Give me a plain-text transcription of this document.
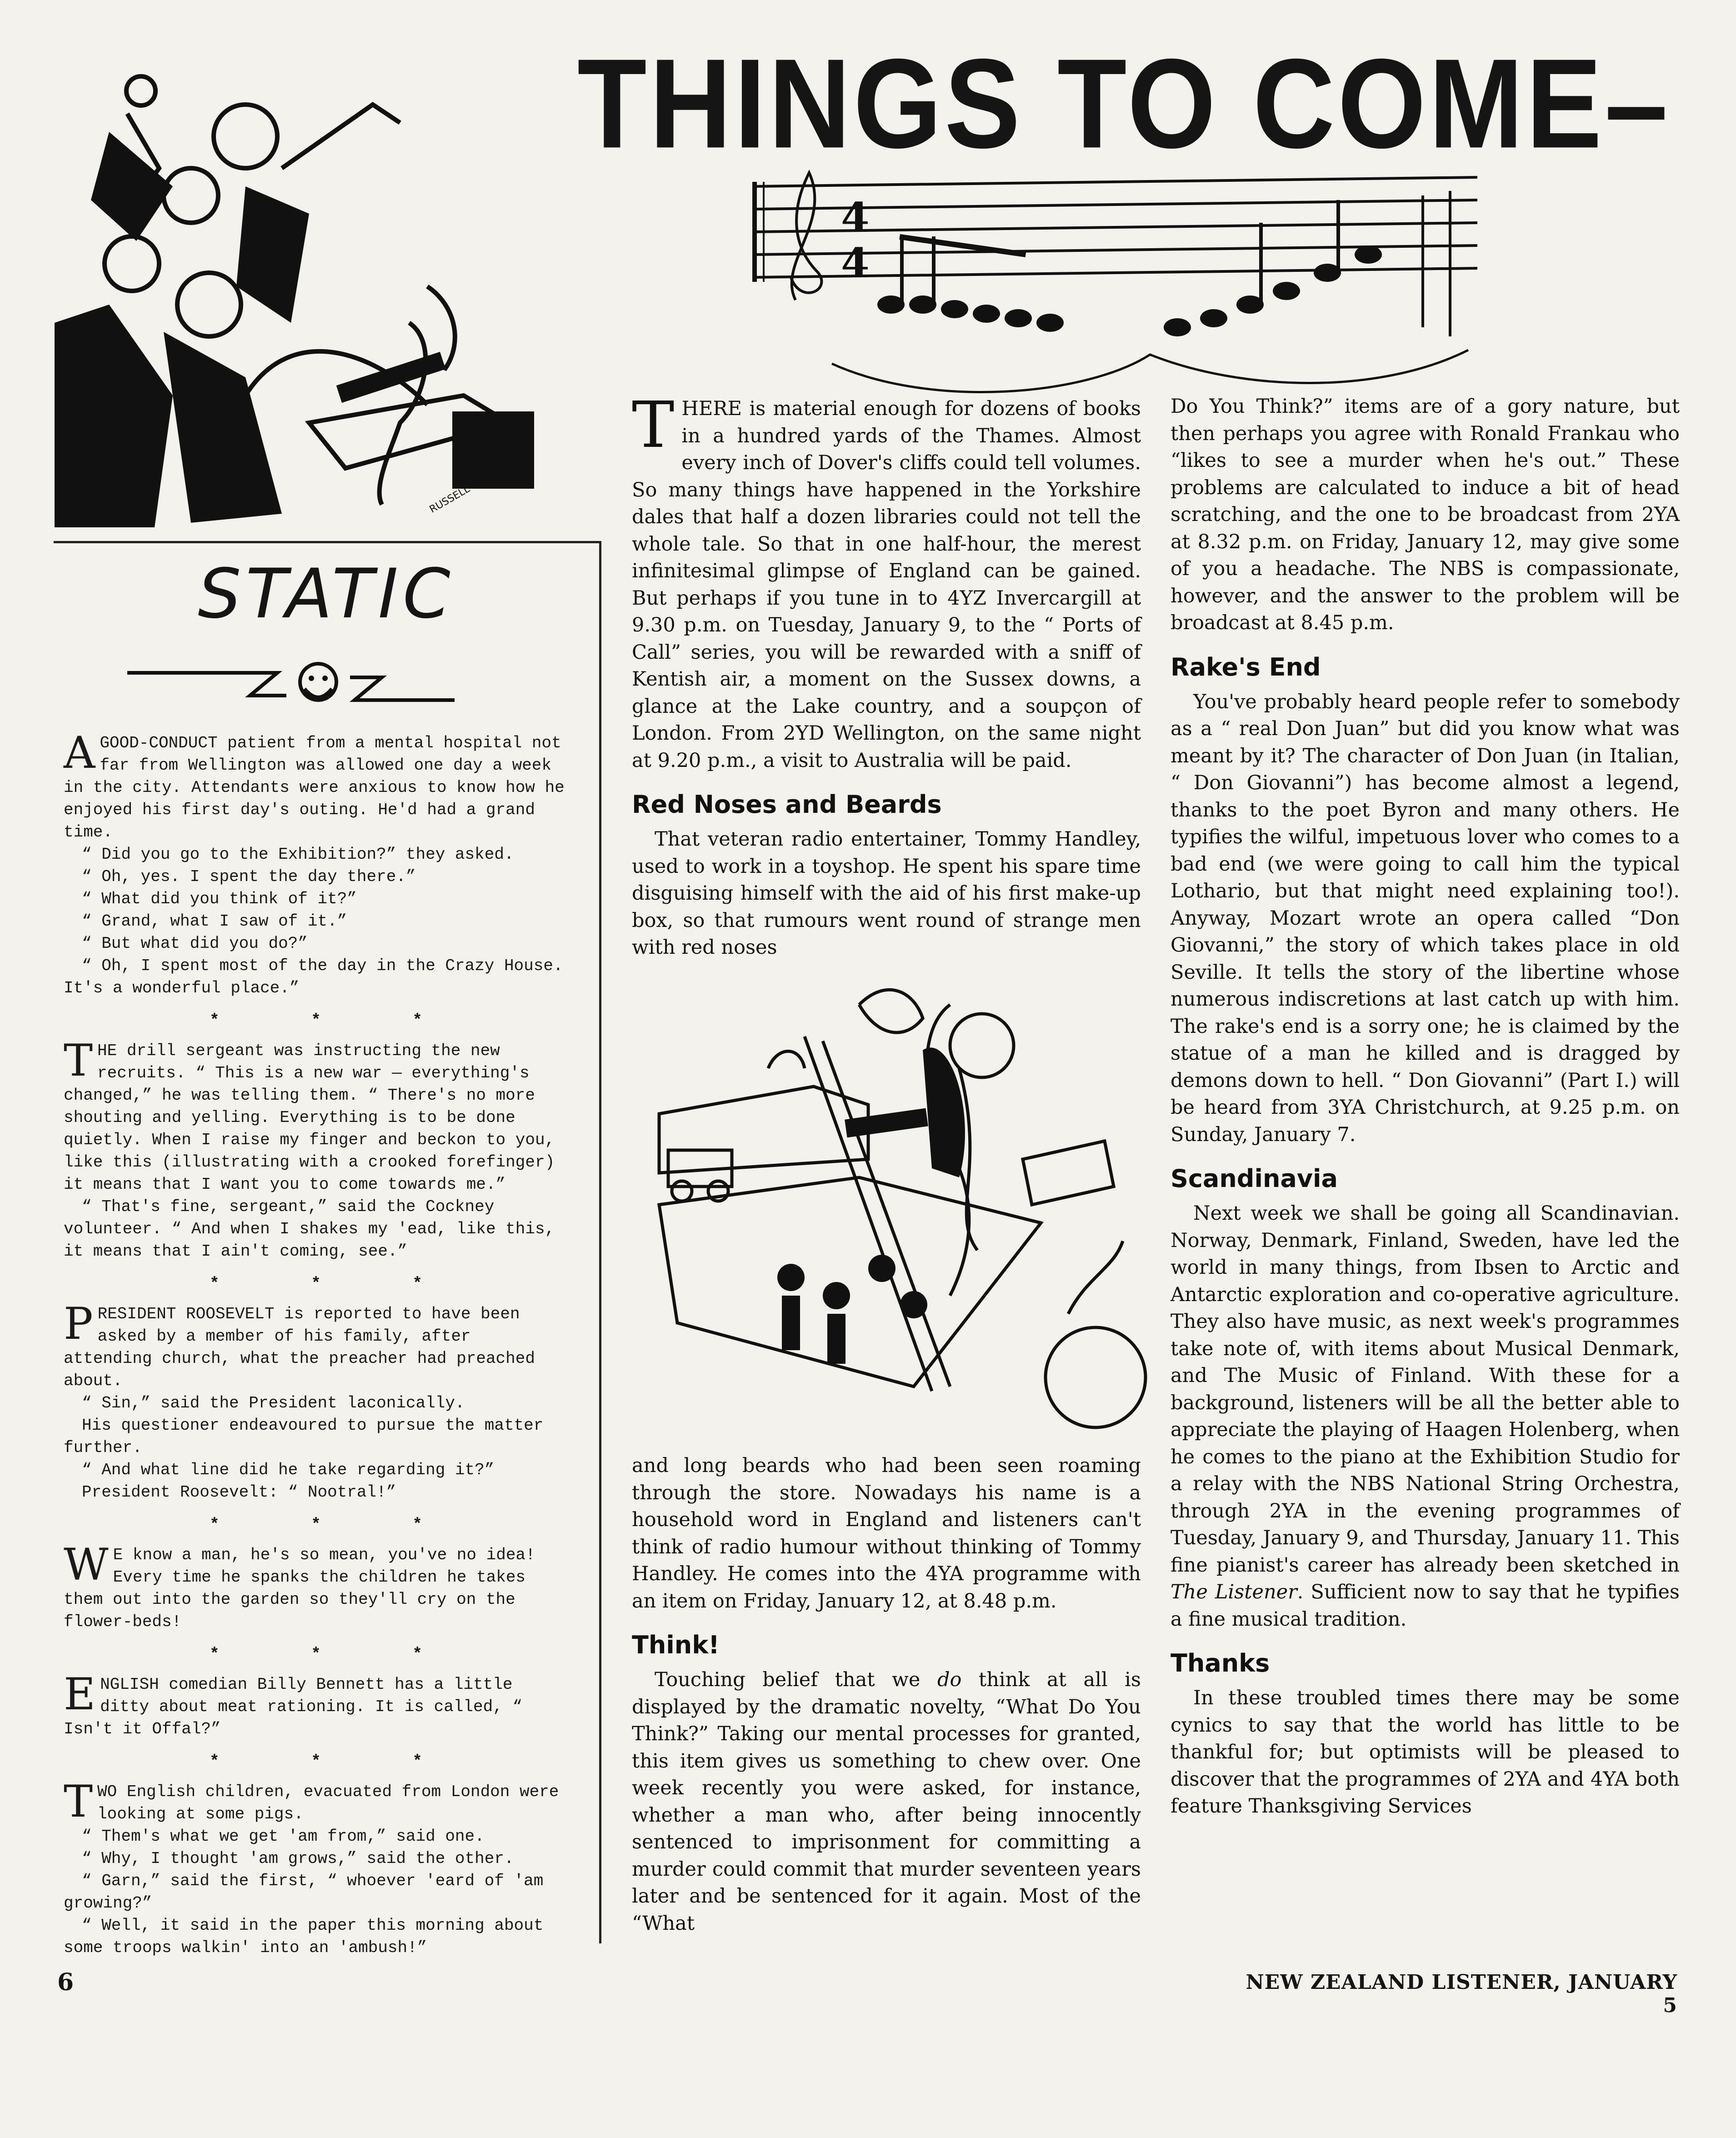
THINGS TO COME–
RUSSELL CLARK
4
4
STATIC

AGOOD-CONDUCT patient from a mental hospital not far from Wellington was allowed one day a week in the city. Attendants were anxious to know how he enjoyed his first day's outing. He'd had a grand time.

“ Did you go to the Exhibition?” they asked.

“ Oh, yes. I spent the day there.”

“ What did you think of it?”

“ Grand, what I saw of it.”

“ But what did you do?”

“ Oh, I spent most of the day in the Crazy House. It's a wonderful place.”

* * *

THE drill sergeant was instructing the new recruits. “ This is a new war — everything's changed,” he was telling them. “ There's no more shouting and yelling. Everything is to be done quietly. When I raise my finger and beckon to you, like this (illustrating with a crooked forefinger) it means that I want you to come towards me.”

“ That's fine, sergeant,” said the Cockney volunteer. “ And when I shakes my 'ead, like this, it means that I ain't coming, see.”

* * *

PRESIDENT ROOSEVELT is reported to have been asked by a member of his family, after attending church, what the preacher had preached about.

“ Sin,” said the President laconically.

His questioner endeavoured to pursue the matter further.

“ And what line did he take regarding it?”

President Roosevelt: “ Nootral!”

* * *

W E know a man, he's so mean, you've no idea! Every time he spanks the children he takes them out into the garden so they'll cry on the flower-beds!

* * *

ENGLISH comedian Billy Bennett has a little ditty about meat rationing. It is called, “ Isn't it Offal?”

* * *

TWO English children, evacuated from London were looking at some pigs.

“ Them's what we get 'am from,” said one.

“ Why, I thought 'am grows,” said the other.

“ Garn,” said the first, “ whoever 'eard of 'am growing?”

“ Well, it said in the paper this morning about some troops walkin' into an 'ambush!”

THERE is material enough for dozens of books in a hundred yards of the Thames. Almost every inch of Dover's cliffs could tell volumes. So many things have happened in the Yorkshire dales that half a dozen libraries could not tell the whole tale. So that in one half-hour, the merest infinitesimal glimpse of England can be gained. But perhaps if you tune in to 4YZ Invercargill at 9.30 p.m. on Tuesday, January 9, to the “ Ports of Call” series, you will be rewarded with a sniff of Kentish air, a moment on the Sussex downs, a glance at the Lake country, and a soupçon of London. From 2YD Wellington, on the same night at 9.20 p.m., a visit to Australia will be paid.

Red Noses and Beards

That veteran radio entertainer, Tommy Handley, used to work in a toyshop. He spent his spare time disguising himself with the aid of his first make-up box, so that rumours went round of strange men with red noses

and long beards who had been seen roaming through the store. Nowadays his name is a household word in England and listeners can't think of radio humour without thinking of Tommy Handley. He comes into the 4YA programme with an item on Friday, January 12, at 8.48 p.m.

Think!

Touching belief that we do think at all is displayed by the dramatic novelty, “What Do You Think?” Taking our mental processes for granted, this item gives us something to chew over. One week recently you were asked, for instance, whether a man who, after being innocently sentenced to imprisonment for committing a murder could commit that murder seventeen years later and be sentenced for it again. Most of the “What

Do You Think?” items are of a gory nature, but then perhaps you agree with Ronald Frankau who “likes to see a murder when he's out.” These problems are calculated to induce a bit of head scratching, and the one to be broadcast from 2YA at 8.32 p.m. on Friday, January 12, may give some of you a headache. The NBS is compassionate, however, and the answer to the problem will be broadcast at 8.45 p.m.

Rake's End

You've probably heard people refer to somebody as a “ real Don Juan” but did you know what was meant by it? The character of Don Juan (in Italian, “ Don Giovanni”) has become almost a legend, thanks to the poet Byron and many others. He typifies the wilful, impetuous lover who comes to a bad end (we were going to call him the typical Lothario, but that might need explaining too!). Anyway, Mozart wrote an opera called “Don Giovanni,” the story of which takes place in old Seville. It tells the story of the libertine whose numerous indiscretions at last catch up with him. The rake's end is a sorry one; he is claimed by the statue of a man he killed and is dragged by demons down to hell. “ Don Giovanni” (Part I.) will be heard from 3YA Christchurch, at 9.25 p.m. on Sunday, January 7.

Scandinavia

Next week we shall be going all Scandinavian. Norway, Denmark, Finland, Sweden, have led the world in many things, from Ibsen to Arctic and Antarctic exploration and co-operative agriculture. They also have music, as next week's programmes take note of, with items about Musical Denmark, and The Music of Finland. With these for a background, listeners will be all the better able to appreciate the playing of Haagen Holenberg, when he comes to the piano at the Exhibition Studio for a relay with the NBS National String Orchestra, through 2YA in the evening programmes of Tuesday, January 9, and Thursday, January 11. This fine pianist's career has already been sketched in The Listener. Sufficient now to say that he typifies a fine musical tradition.

Thanks

In these troubled times there may be some cynics to say that the world has little to be thankful for; but optimists will be pleased to discover that the programmes of 2YA and 4YA both feature Thanksgiving Services

6	NEW ZEALAND LISTENER, JANUARY 5
